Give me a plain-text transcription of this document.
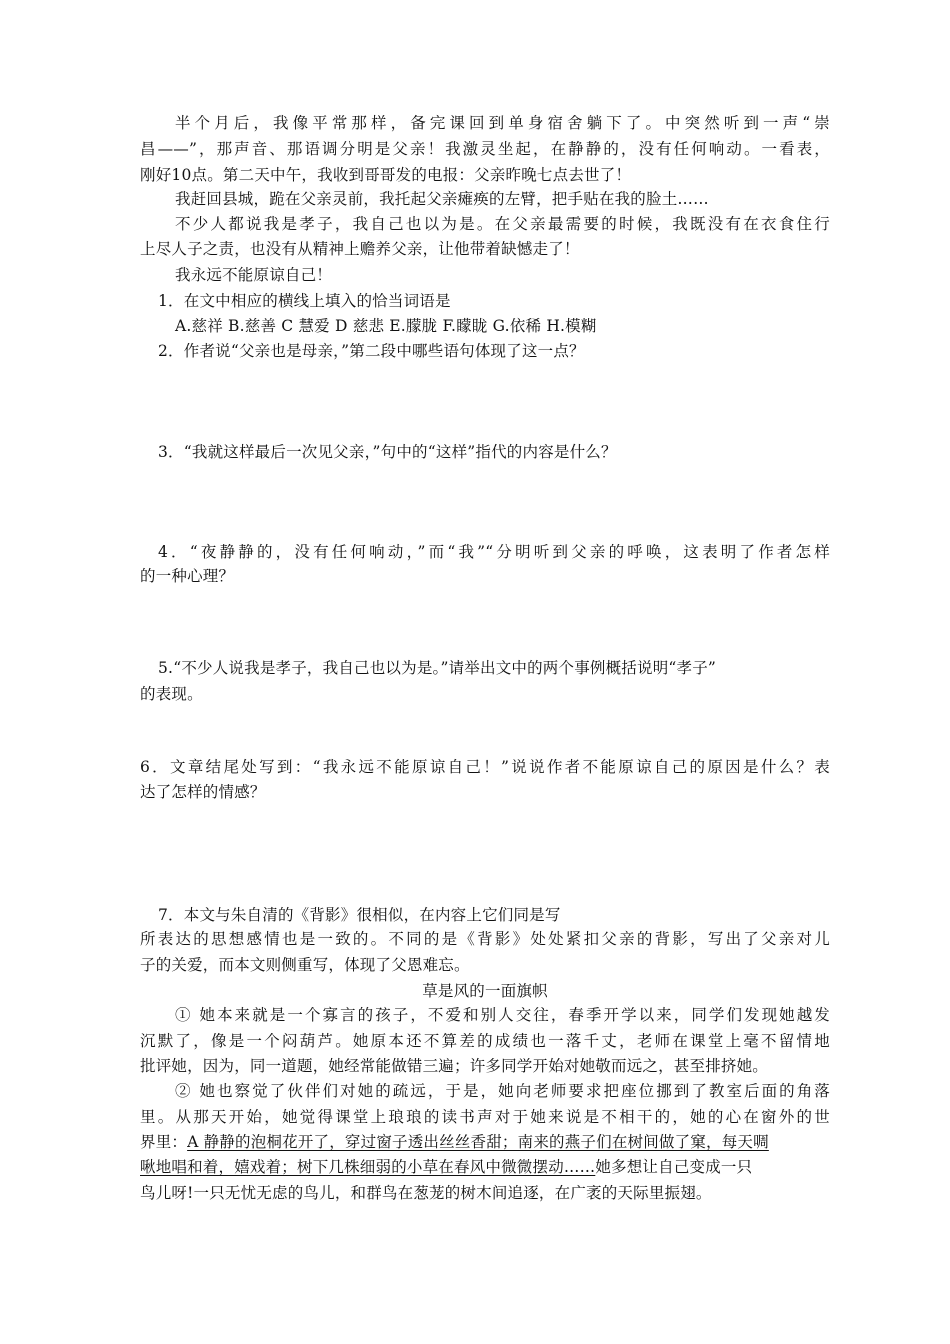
半个月后，我像平常那样，备完课回到单身宿舍躺下了。中突然听到一声“崇
昌——”，那声音、那语调分明是父亲！我激灵坐起，在静静的，没有任何响动。一看表，
刚好10点。第二天中午，我收到哥哥发的电报：父亲昨晚七点去世了！
我赶回县城，跪在父亲灵前，我托起父亲瘫痪的左臂，把手贴在我的脸土……
不少人都说我是孝子，我自己也以为是。在父亲最需要的时候，我既没有在衣食住行
上尽人子之责，也没有从精神上赡养父亲，让他带着缺憾走了！
我永远不能原谅自己！
1．在文中相应的横线上填入的恰当词语是
A.慈祥 B.慈善 C 慧爱 D 慈悲 E.朦胧 F.矇眬 G.依稀 H.模糊
2．作者说“父亲也是母亲，”第二段中哪些语句体现了这一点？
3．“我就这样最后一次见父亲，”句中的“这样”指代的内容是什么？
4．“夜静静的，没有任何响动，”而“我”“分明听到父亲的呼唤，这表明了作者怎样
的一种心理？
5.“不少人说我是孝子，我自己也以为是。”请举出文中的两个事例概括说明“孝子”
的表现。
6．文章结尾处写到：“我永远不能原谅自己！”说说作者不能原谅自己的原因是什么？表
达了怎样的情感？
7．本文与朱自清的《背影》很相似，在内容上它们同是写
所表达的思想感情也是一致的。不同的是《背影》处处紧扣父亲的背影，写出了父亲对儿
子的关爱，而本文则侧重写，体现了父恩难忘。
草是风的一面旗帜
① 她本来就是一个寡言的孩子，不爱和别人交往，春季开学以来，同学们发现她越发
沉默了，像是一个闷葫芦。她原本还不算差的成绩也一落千丈，老师在课堂上毫不留情地
批评她，因为，同一道题，她经常能做错三遍；许多同学开始对她敬而远之，甚至排挤她。
② 她也察觉了伙伴们对她的疏远，于是，她向老师要求把座位挪到了教室后面的角落
里。从那天开始，她觉得课堂上琅琅的读书声对于她来说是不相干的，她的心在窗外的世
界里：A 静静的泡桐花开了，穿过窗子透出丝丝香甜；南来的燕子们在树间做了窠，每天啁
啾地唱和着，嬉戏着；树下几株细弱的小草在春风中微微摆动……她多想让自己变成一只
鸟儿呀!一只无忧无虑的鸟儿，和群鸟在葱茏的树木间追逐，在广袤的天际里振翅。
